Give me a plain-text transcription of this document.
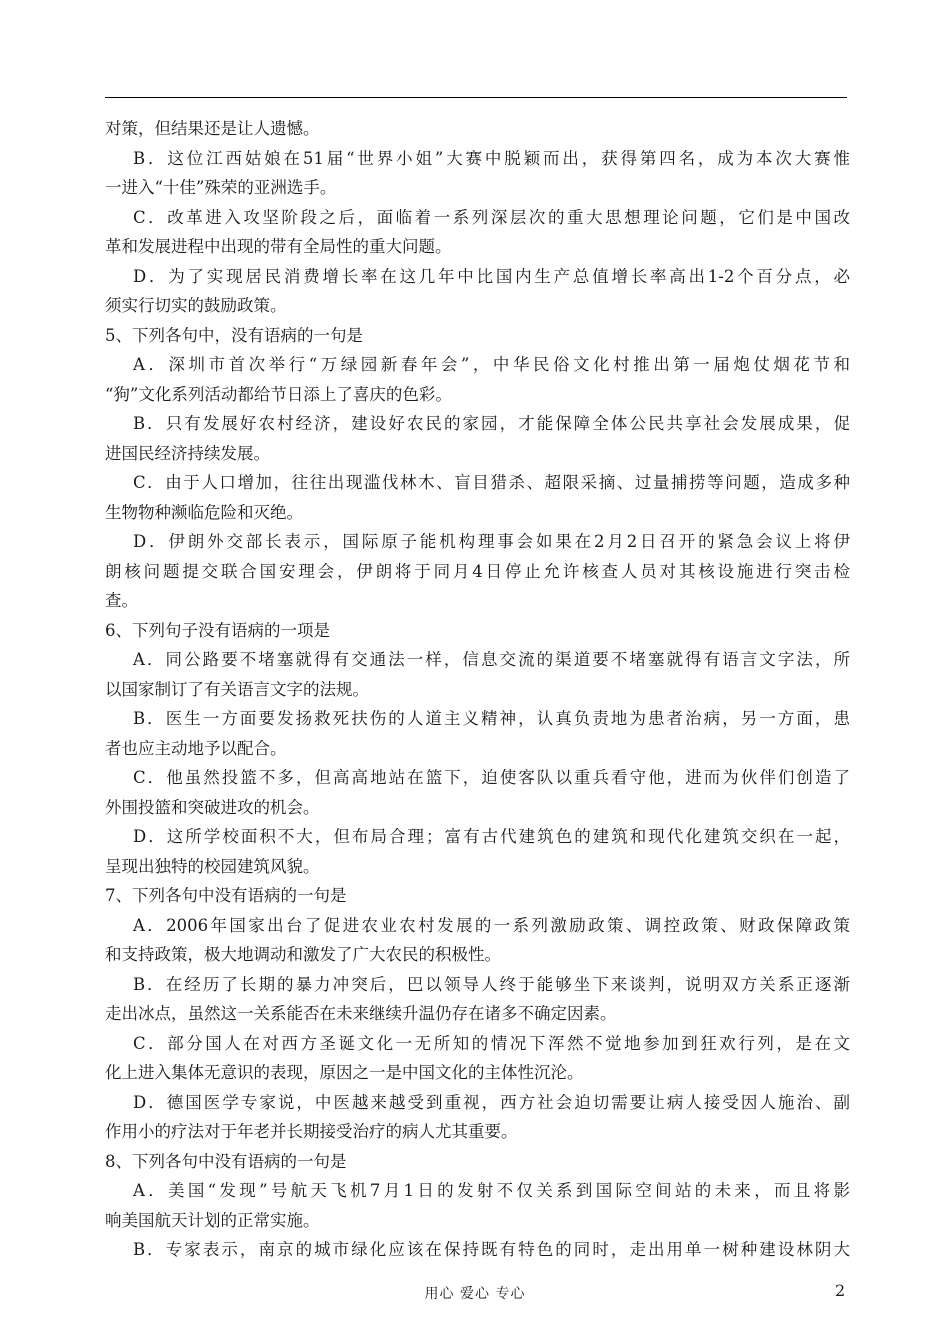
对策，但结果还是让人遗憾。
B．这位江西姑娘在51届“世界小姐”大赛中脱颖而出，获得第四名，成为本次大赛惟
一进入“十佳”殊荣的亚洲选手。
C．改革进入攻坚阶段之后，面临着一系列深层次的重大思想理论问题，它们是中国改
革和发展进程中出现的带有全局性的重大问题。
D．为了实现居民消费增长率在这几年中比国内生产总值增长率高出1-2个百分点，必
须实行切实的鼓励政策。
5、下列各句中，没有语病的一句是
A．深圳市首次举行“万绿园新春年会”，中华民俗文化村推出第一届炮仗烟花节和
“狗”文化系列活动都给节日添上了喜庆的色彩。
B．只有发展好农村经济，建设好农民的家园，才能保障全体公民共享社会发展成果，促
进国民经济持续发展。
C．由于人口增加，往往出现滥伐林木、盲目猎杀、超限采摘、过量捕捞等问题，造成多种
生物物种濒临危险和灭绝。
D．伊朗外交部长表示，国际原子能机构理事会如果在2月2日召开的紧急会议上将伊
朗核问题提交联合国安理会，伊朗将于同月4日停止允许核查人员对其核设施进行突击检
查。
6、下列句子没有语病的一项是
A．同公路要不堵塞就得有交通法一样，信息交流的渠道要不堵塞就得有语言文字法，所
以国家制订了有关语言文字的法规。
B．医生一方面要发扬救死扶伤的人道主义精神，认真负责地为患者治病，另一方面，患
者也应主动地予以配合。
C．他虽然投篮不多，但高高地站在篮下，迫使客队以重兵看守他，进而为伙伴们创造了
外围投篮和突破进攻的机会。
D．这所学校面积不大，但布局合理；富有古代建筑色的建筑和现代化建筑交织在一起，
呈现出独特的校园建筑风貌。
7、下列各句中没有语病的一句是
A．2006年国家出台了促进农业农村发展的一系列激励政策、调控政策、财政保障政策
和支持政策，极大地调动和激发了广大农民的积极性。
B．在经历了长期的暴力冲突后，巴以领导人终于能够坐下来谈判，说明双方关系正逐渐
走出冰点，虽然这一关系能否在未来继续升温仍存在诸多不确定因素。
C．部分国人在对西方圣诞文化一无所知的情况下浑然不觉地参加到狂欢行列，是在文
化上进入集体无意识的表现，原因之一是中国文化的主体性沉沦。
D．德国医学专家说，中医越来越受到重视，西方社会迫切需要让病人接受因人施治、副
作用小的疗法对于年老并长期接受治疗的病人尤其重要。
8、下列各句中没有语病的一句是
A．美国“发现”号航天飞机7月1日的发射不仅关系到国际空间站的未来，而且将影
响美国航天计划的正常实施。
B．专家表示，南京的城市绿化应该在保持既有特色的同时，走出用单一树种建设林阴大
用心 爱心 专心	2
